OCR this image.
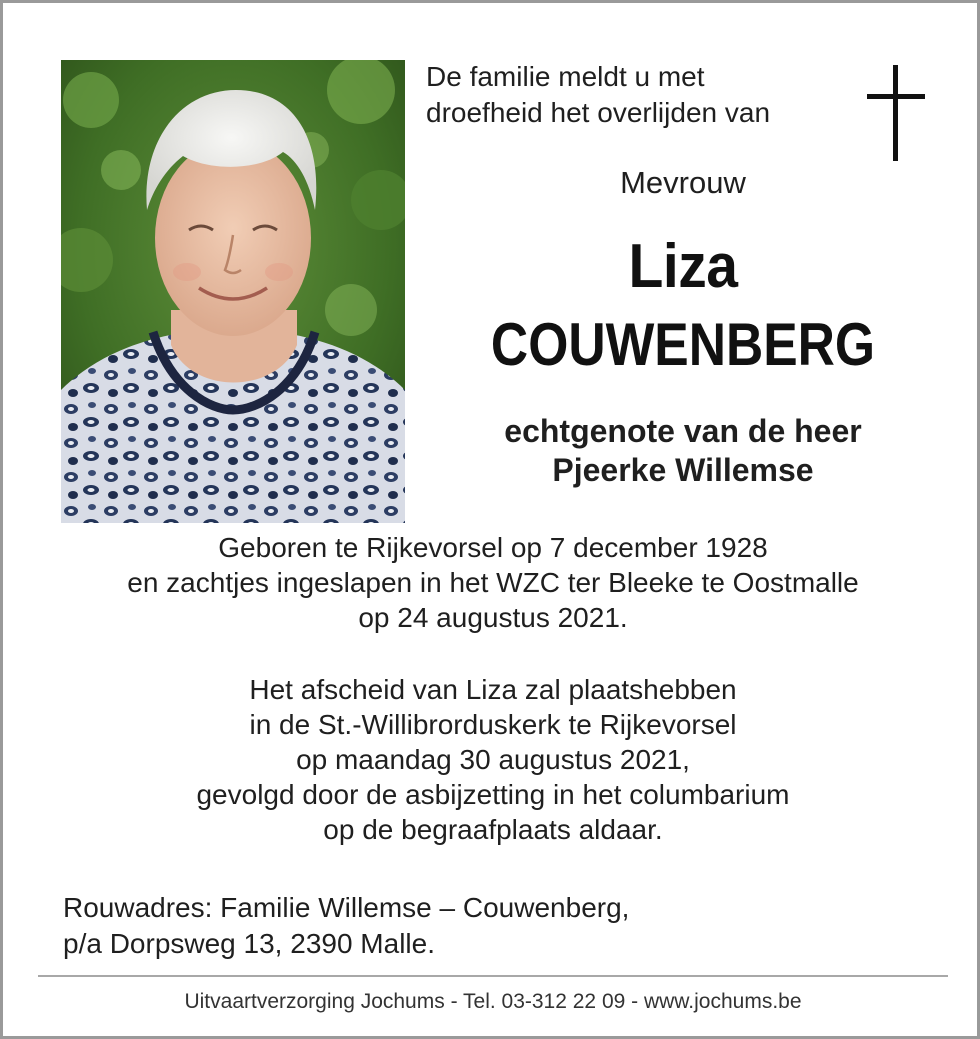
De familie meldt u met
droefheid het overlijden van

Mevrouw

Liza

COUWENBERG

echtgenote van de heer
Pjeerke Willemse

Geboren te Rijkevorsel op 7 december 1928
en zachtjes ingeslapen in het WZC ter Bleeke te Oostmalle
op 24 augustus 2021.

Het afscheid van Liza zal plaatshebben
in de St.-Willibrorduskerk te Rijkevorsel
op maandag 30 augustus 2021,
gevolgd door de asbijzetting in het columbarium
op de begraafplaats aldaar.

Rouwadres: Familie Willemse – Couwenberg,
p/a Dorpsweg 13, 2390 Malle.

Uitvaartverzorging Jochums - Tel. 03-312 22 09 - www.jochums.be
